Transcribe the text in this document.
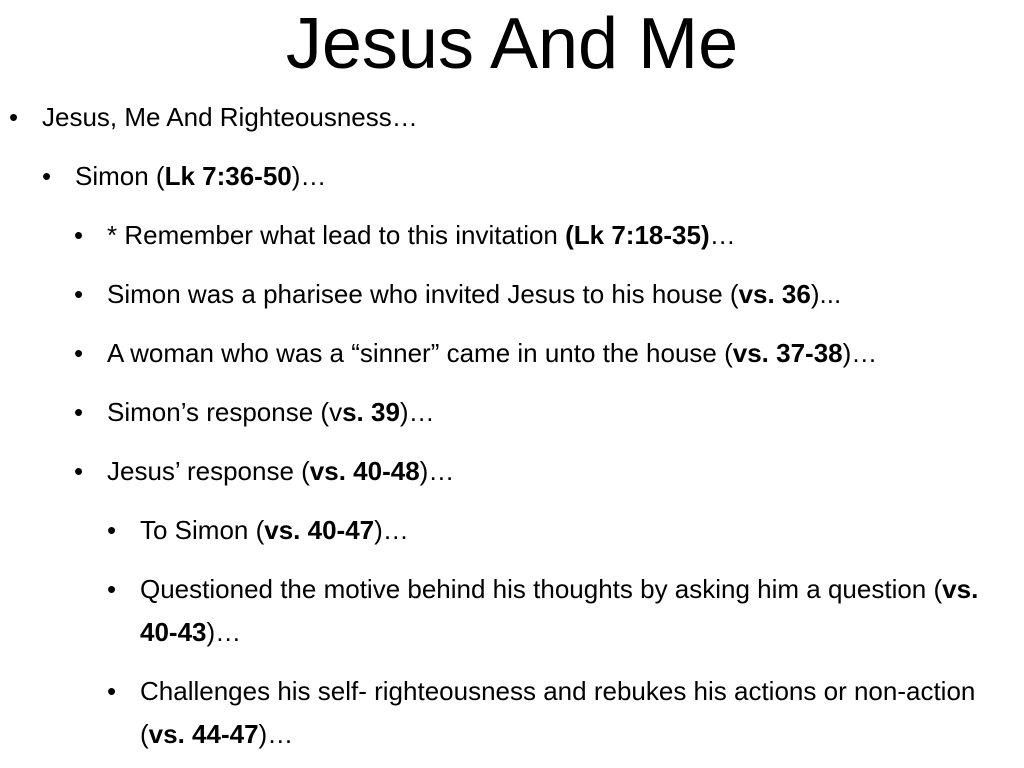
Jesus And Me
• Jesus, Me And Righteousness…
• Simon (Lk 7:36-50)…
• * Remember what lead to this invitation (Lk 7:18-35)…
• Simon was a pharisee who invited Jesus to his house (vs. 36)...
• A woman who was a “sinner” came in unto the house (vs. 37-38)…
• Simon’s response (vs. 39)…
• Jesus’ response (vs. 40-48)…
• To Simon (vs. 40-47)…
• Questioned the motive behind his thoughts by asking him a question (vs. 40-43)…
• Challenges his self- righteousness and rebukes his actions or non-action (vs. 44-47)…
